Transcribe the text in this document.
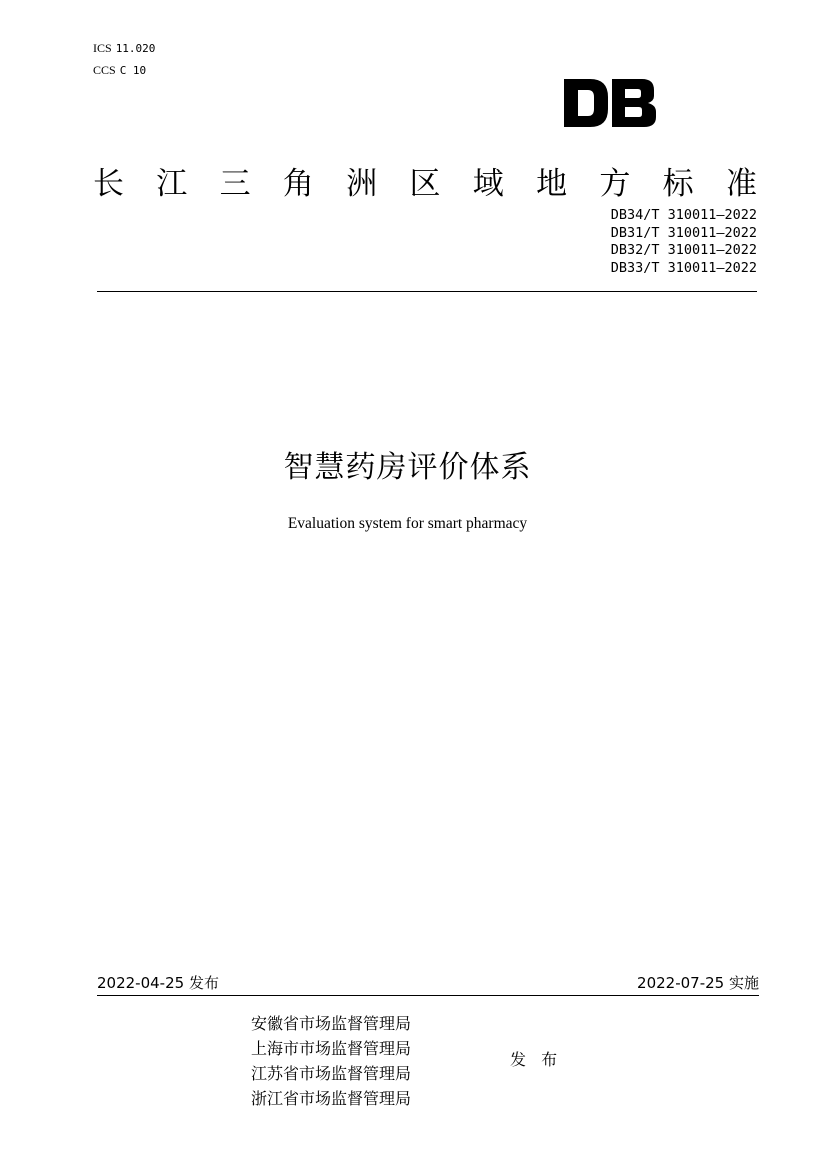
ICS 11.020
CCS C 10
长 江 三 角 洲 区 域 地 方 标 准
DB34/T 310011—2022
DB31/T 310011—2022
DB32/T 310011—2022
DB33/T 310011—2022
智慧药房评价体系
Evaluation system for smart pharmacy
2022-04-25 发布	2022-07-25 实施
安徽省市场监督管理局
上海市市场监督管理局
江苏省市场监督管理局
浙江省市场监督管理局
发 布
